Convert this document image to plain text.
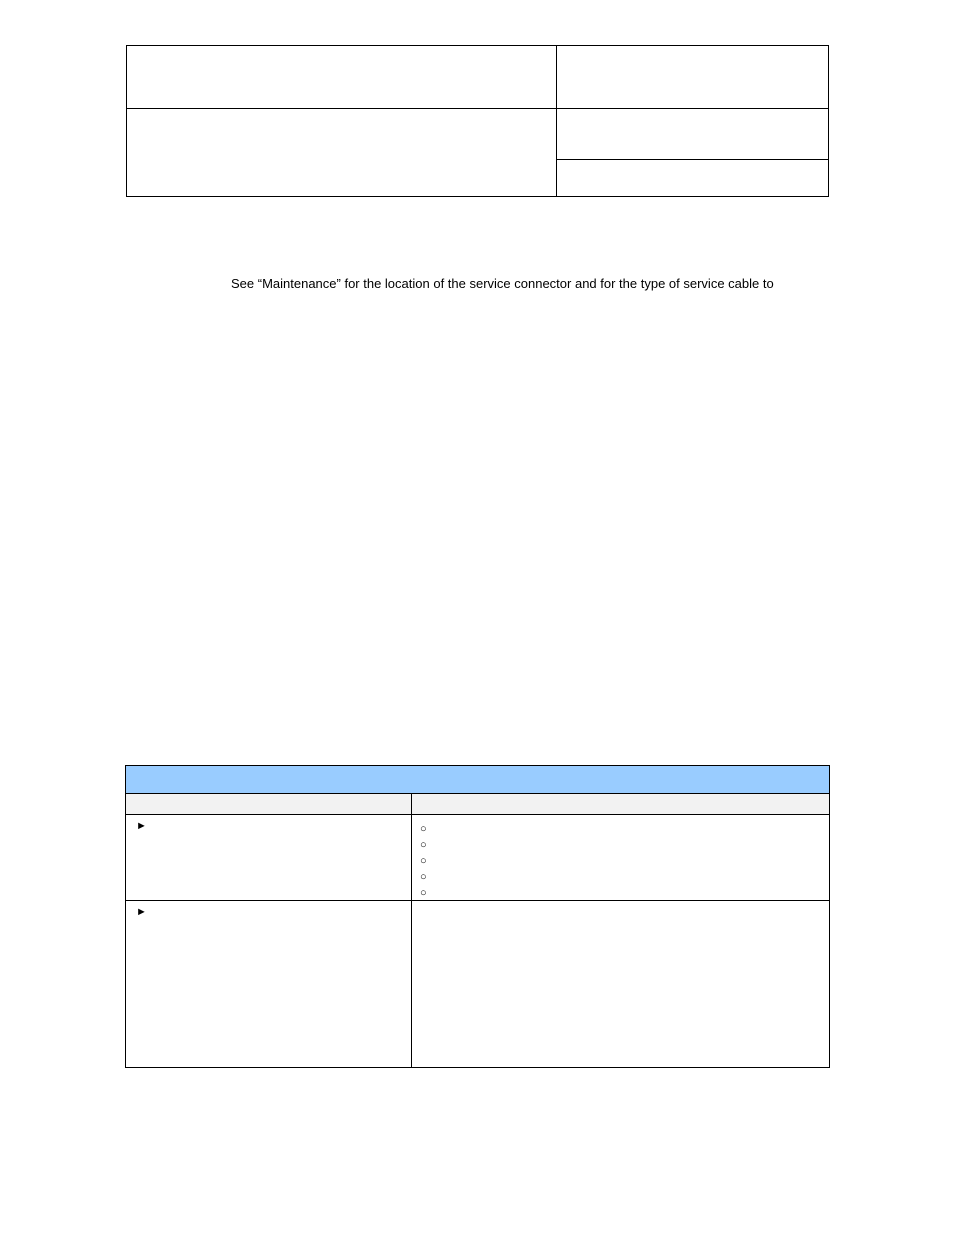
See “Maintenance” for the location of the service connector and for the type of service cable to
►
►
○
○
○
○
○
